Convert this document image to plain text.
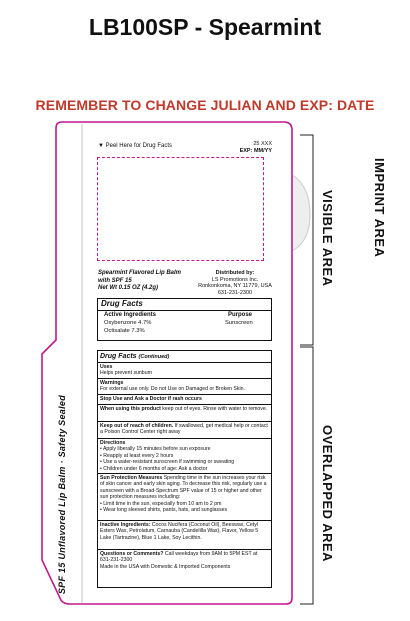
LB100SP - Spearmint
REMEMBER TO CHANGE JULIAN AND EXP: DATE
IMPRINT AREA
VISIBLE AREA
OVERLAPPED AREA
▼ Peel Here for Drug Facts	25 XXX
EXP: MM/YY
Spearmint Flavored Lip Balm
with SPF 15
Net Wt 0.15 OZ (4.2g)
Distributed by:
LS Promotions Inc.
Ronkonkoma, NY 11779, USA
631-231-2300
Drug Facts
Active Ingredients	Purpose
Oxybenzone 4.7%	Sunscreen
Octisalate 7.3%
SPF 15 Unflavored Lip Balm · Safety Sealed
Drug Facts (Continued)
Uses
Helps prevent sunburn
Warnings
For external use only. Do not Use on Damaged or Broken Skin.
Stop Use and Ask a Doctor if rash occurs
When using this product keep out of eyes. Rinse with water to remove.
Keep out of reach of children. If swallowed, get medical help or contact a Poison Control Center right away
Directions
• Apply liberally 15 minutes before sun exposure
• Reapply at least every 2 hours
• Use a water-resistant sunscreen if swimming or sweating
• Children under 6 months of age: Ask a doctor
Sun Protection Measures Spending time in the sun increases your risk of skin cancer and early skin aging. To decrease this risk, regularly use a sunscreen with a Broad-Spectrum SPF value of 15 or higher and other sun protection measures including:
• Limit time in the sun, especially from 10 am to 2 pm
• Wear long sleeved shirts, pants, hats, and sunglasses
Inactive Ingredients: Cocos Nucifera (Coconut Oil), Beeswax, Cetyl Esters Wax, Petrolatum, Carnauba (Candelilla Wax), Flavor, Yellow 5 Lake (Tartrazine), Blue 1 Lake, Soy Lecithin.
Questions or Comments? Call weekdays from 9AM to 5PM EST at 631-231-2300
Made in the USA with Domestic & Imported Components
